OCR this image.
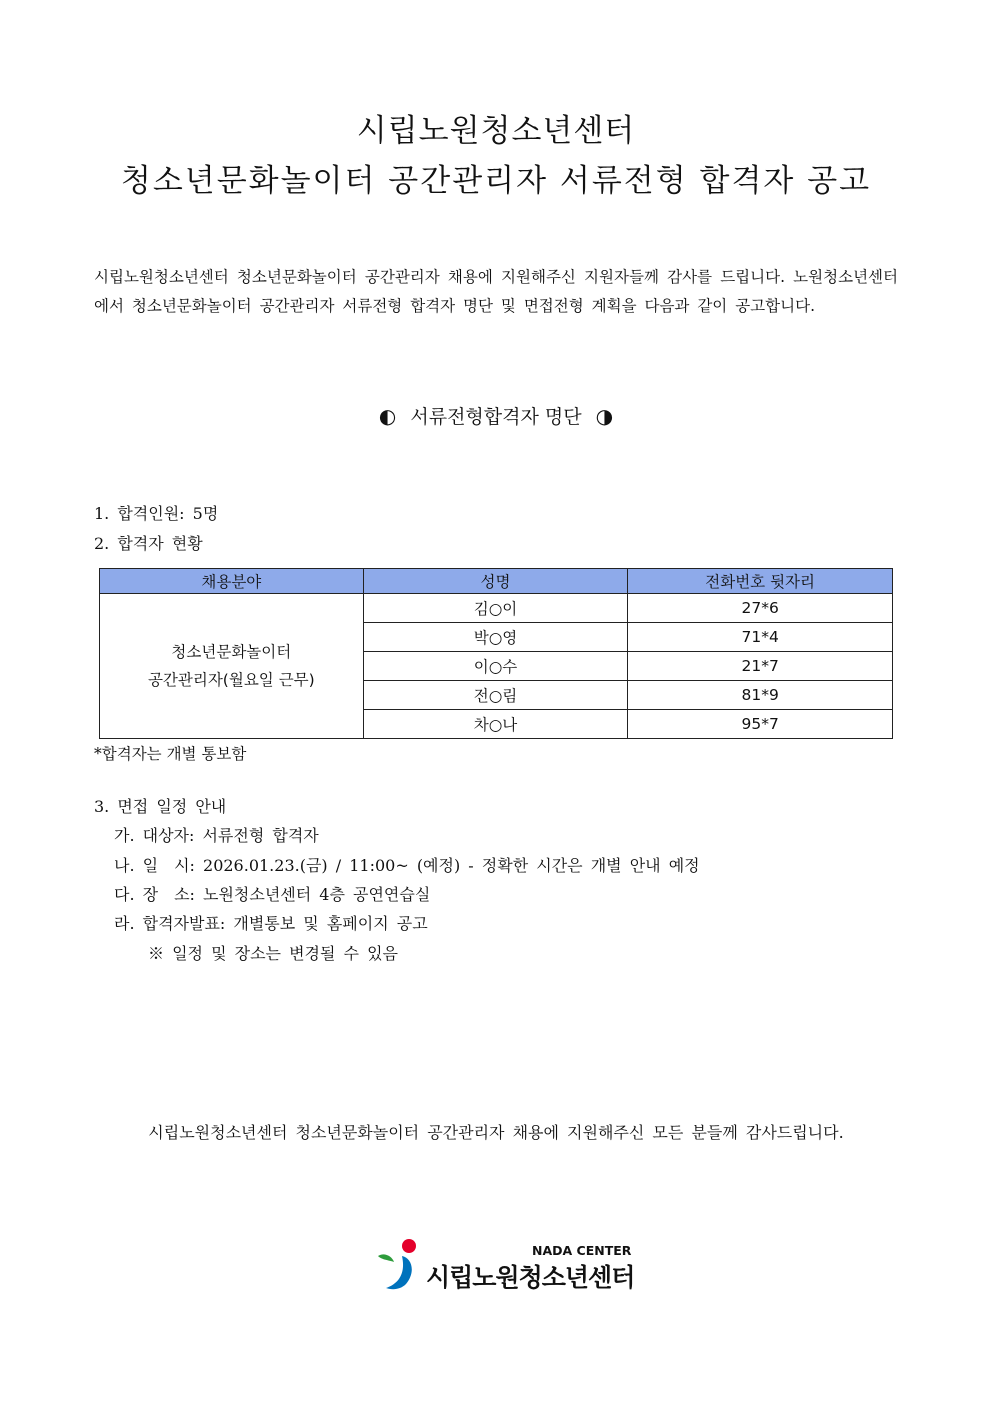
시립노원청소년센터
청소년문화놀이터 공간관리자 서류전형 합격자 공고
시립노원청소년센터 청소년문화놀이터 공간관리자 채용에 지원해주신 지원자들께 감사를 드립니다. 노원청소년센터에서 청소년문화놀이터 공간관리자 서류전형 합격자 명단 및 면접전형 계획을 다음과 같이 공고합니다.
◐ 서류전형합격자 명단 ◑
1. 합격인원: 5명
2. 합격자 현황
채용분야	성명	전화번호 뒷자리

청소년문화놀이터
공간관리자(월요일 근무)	김○이	27*6
	박○영	71*4
	이○수	21*7
	전○림	81*9
	차○나	95*7
*합격자는 개별 통보함
3. 면접 일정 안내
가. 대상자: 서류전형 합격자
나. 일　시: 2026.01.23.(금) / 11:00~ (예정) - 정확한 시간은 개별 안내 예정
다. 장　소: 노원청소년센터 4층 공연연습실
라. 합격자발표: 개별통보 및 홈페이지 공고
※ 일정 및 장소는 변경될 수 있음
시립노원청소년센터 청소년문화놀이터 공간관리자 채용에 지원해주신 모든 분들께 감사드립니다.
NADA CENTER
시립노원청소년센터
